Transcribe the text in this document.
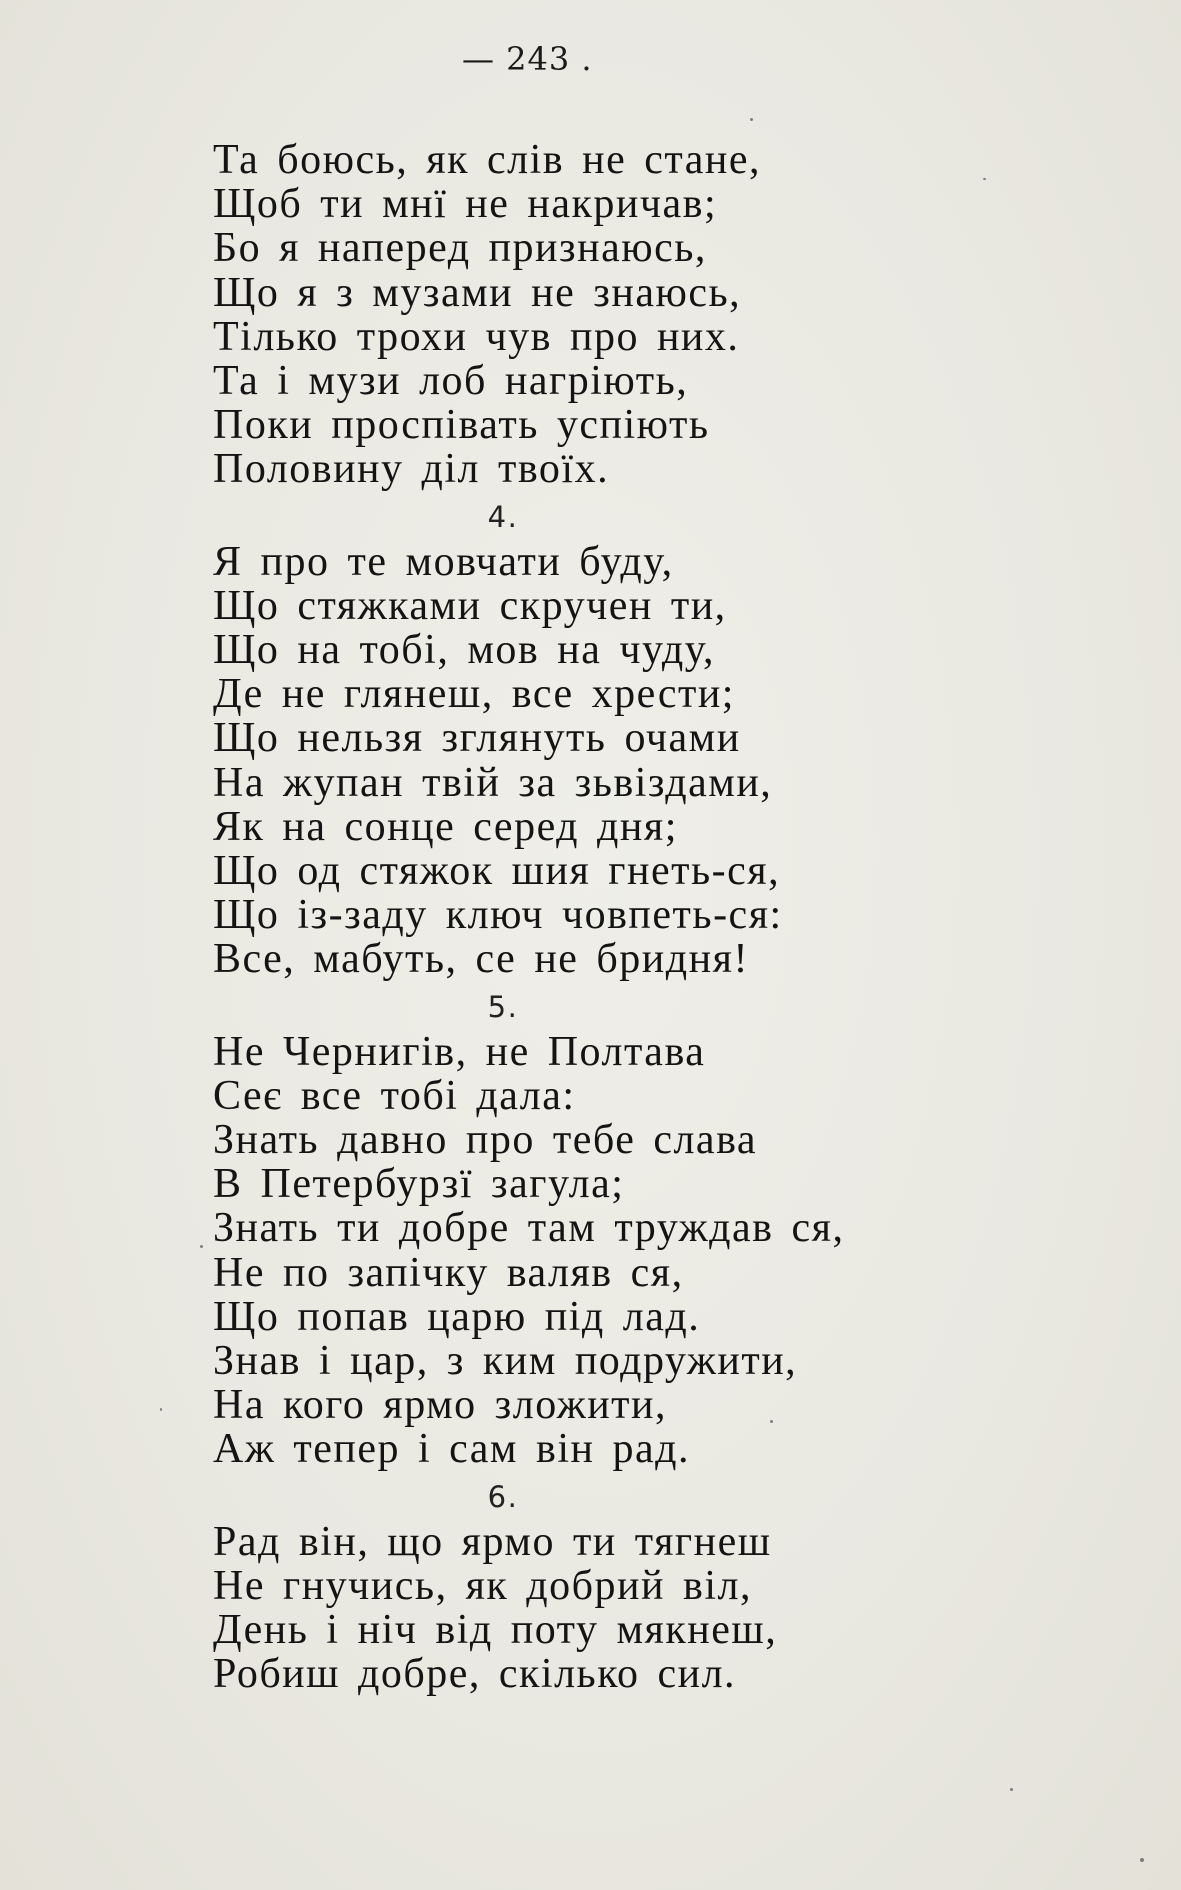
— 243 .
Та боюсь, як слів не стане,
Щоб ти мнї не накричав;
Бо я наперед признаюсь,
Що я з музами не знаюсь,
Тілько трохи чув про них.
Та і музи лоб нагріють,
Поки проспівать успіють
Половину діл твоїх.
4.
Я про те мовчати буду,
Що стяжками скручен ти,
Що на тобі, мов на чуду,
Де не глянеш, все хрести;
Що нельзя зглянуть очами
На жупан твій за зьвіздами,
Як на сонце серед дня;
Що од стяжок шия гнеть-ся,
Що із-заду ключ човпеть-ся:
Все, мабуть, се не бридня!
5.
Не Чернигів, не Полтава
Сеє все тобі дала:
Знать давно про тебе слава
В Петербурзї загула;
Знать ти добре там труждав ся,
Не по запічку валяв ся,
Що попав царю під лад.
Знав і цар, з ким подружити,
На кого ярмо зложити,
Аж тепер і сам він рад.
6.
Рад він, що ярмо ти тягнеш
Не гнучись, як добрий віл,
День і ніч від поту мякнеш,
Робиш добре, скілько сил.
